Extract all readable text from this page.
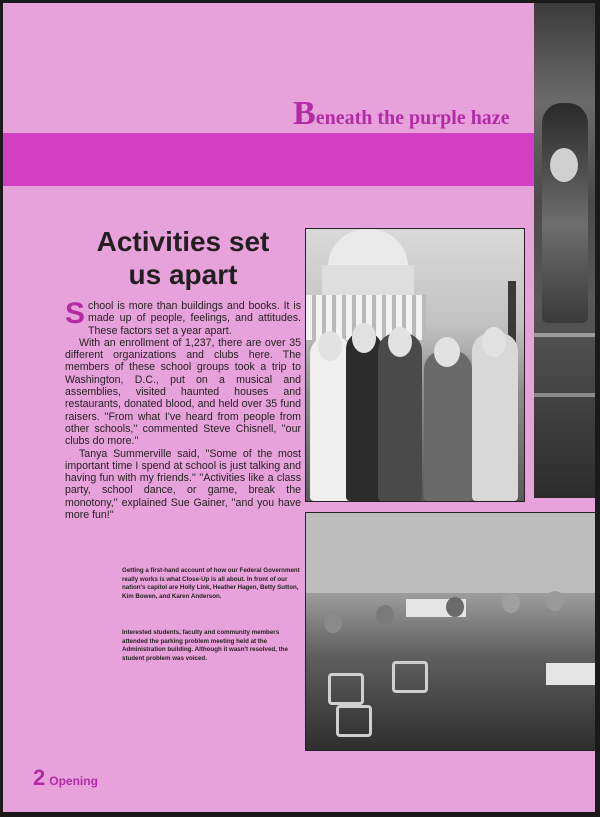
Beneath the purple haze
Activities set
us apart

School is more than buildings and books. It is made up of people, feelings, and attitudes. These factors set a year apart.

With an enrollment of 1,237, there are over 35 different organizations and clubs here. The members of these school groups took a trip to Washington, D.C., put on a musical and assemblies, visited haunted houses and restaurants, donated blood, and held over 35 fund raisers. ''From what I've heard from people from other schools,'' commented Steve Chisnell, ''our clubs do more.''

Tanya Summerville said, ''Some of the most important time I spend at school is just talking and having fun with my friends.'' ''Activities like a class party, school dance, or game, break the monotony,'' explained Sue Gainer, ''and you have more fun!''

Getting a first-hand account of how our Federal Government really works is what Close-Up is all about. In front of our nation's capitol are Holly Link, Heather Hagen, Betty Sutton, Kim Bowen, and Karen Anderson.
Interested students, faculty and community members attended the parking problem meeting held at the Administration building. Although it wasn't resolved, the student problem was voiced.
2 Opening
